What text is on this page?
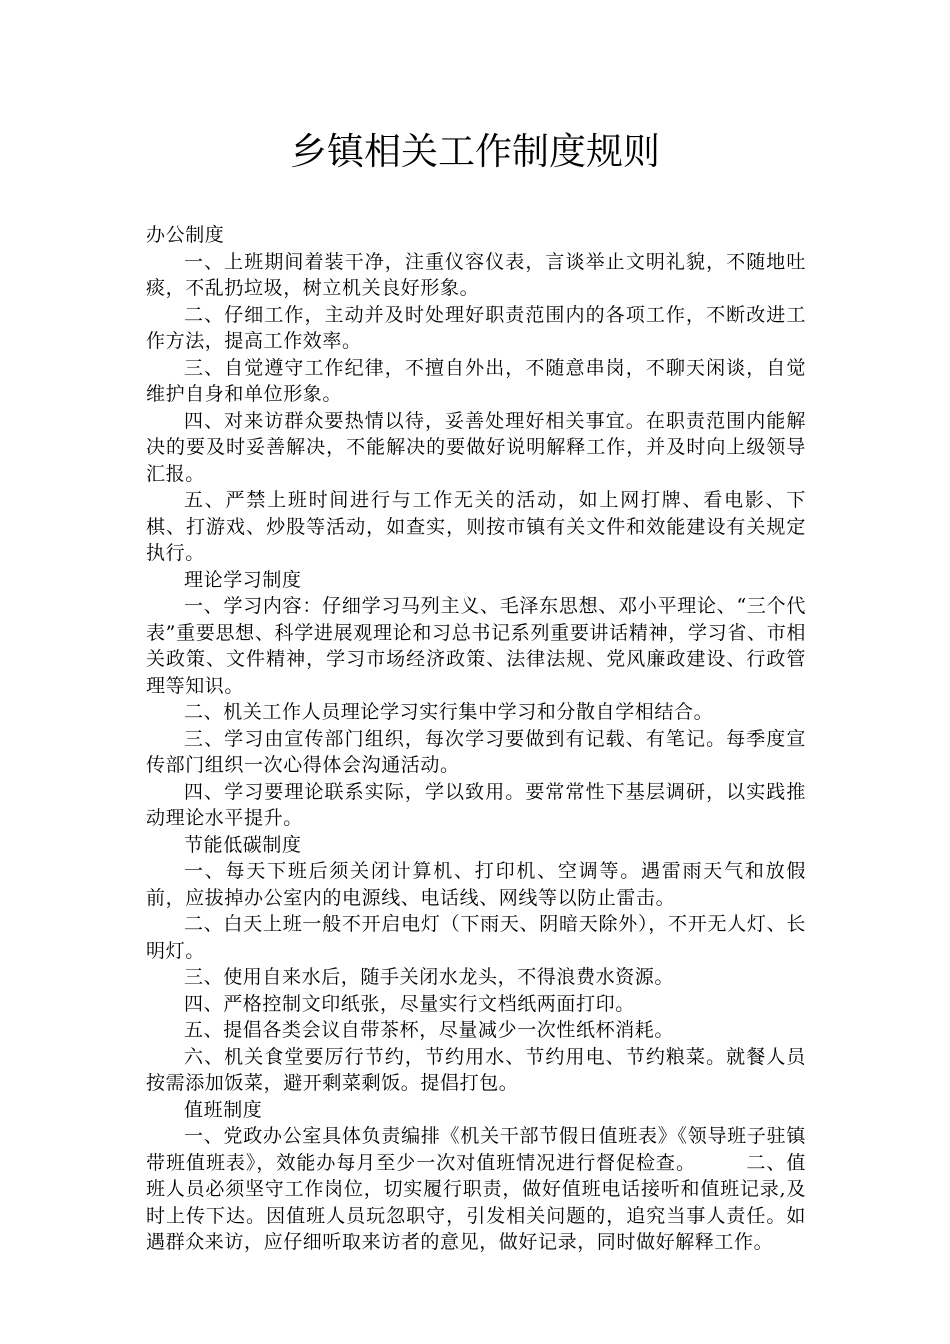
乡镇相关工作制度规则

办公制度

一、上班期间着装干净，注重仪容仪表，言谈举止文明礼貌，不随地吐痰，不乱扔垃圾，树立机关良好形象。

二、仔细工作，主动并及时处理好职责范围内的各项工作，不断改进工作方法，提高工作效率。

三、自觉遵守工作纪律，不擅自外出，不随意串岗，不聊天闲谈，自觉维护自身和单位形象。

四、对来访群众要热情以待，妥善处理好相关事宜。在职责范围内能解决的要及时妥善解决，不能解决的要做好说明解释工作，并及时向上级领导汇报。

五、严禁上班时间进行与工作无关的活动，如上网打牌、看电影、下棋、打游戏、炒股等活动，如查实，则按市镇有关文件和效能建设有关规定执行。

理论学习制度

一、学习内容：仔细学习马列主义、毛泽东思想、邓小平理论、“三个代表”重要思想、科学进展观理论和习总书记系列重要讲话精神，学习省、市相关政策、文件精神，学习市场经济政策、法律法规、党风廉政建设、行政管理等知识。

二、机关工作人员理论学习实行集中学习和分散自学相结合。

三、学习由宣传部门组织，每次学习要做到有记载、有笔记。每季度宣传部门组织一次心得体会沟通活动。

四、学习要理论联系实际，学以致用。要常常性下基层调研，以实践推动理论水平提升。

节能低碳制度

一、每天下班后须关闭计算机、打印机、空调等。遇雷雨天气和放假前，应拔掉办公室内的电源线、电话线、网线等以防止雷击。

二、白天上班一般不开启电灯（下雨天、阴暗天除外），不开无人灯、长明灯。

三、使用自来水后，随手关闭水龙头，不得浪费水资源。

四、严格控制文印纸张，尽量实行文档纸两面打印。

五、提倡各类会议自带茶杯，尽量减少一次性纸杯消耗。

六、机关食堂要厉行节约，节约用水、节约用电、节约粮菜。就餐人员按需添加饭菜，避开剩菜剩饭。提倡打包。

值班制度

一、党政办公室具体负责编排《机关干部节假日值班表》《领导班子驻镇带班值班表》，效能办每月至少一次对值班情况进行督促检查。　　　二、值班人员必须坚守工作岗位，切实履行职责，做好值班电话接听和值班记录,及时上传下达。因值班人员玩忽职守，引发相关问题的，追究当事人责任。如遇群众来访，应仔细听取来访者的意见，做好记录，同时做好解释工作。
